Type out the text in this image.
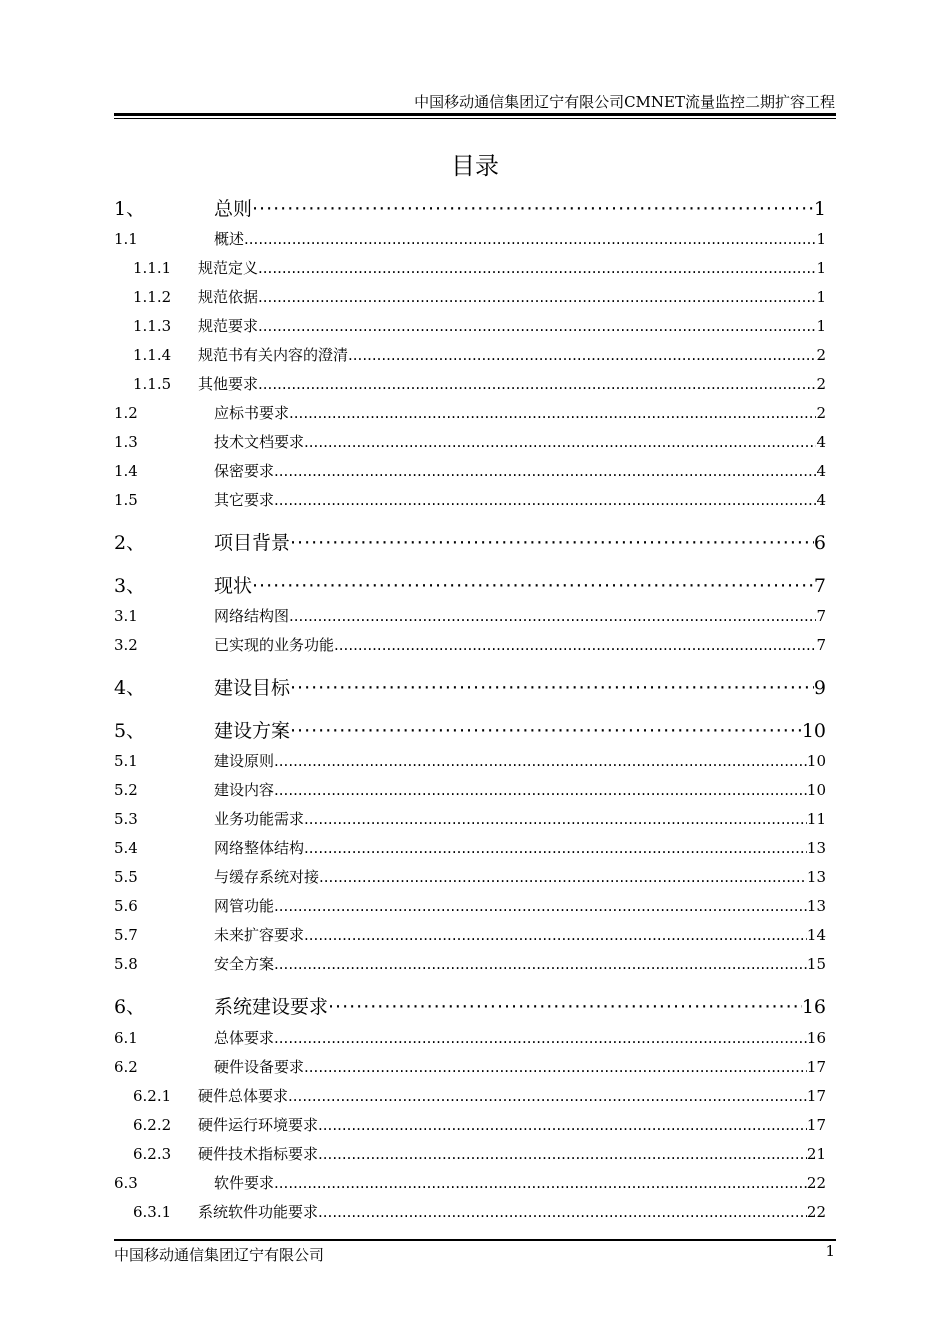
中国移动通信集团辽宁有限公司CMNET流量监控二期扩容工程
目录
1、	总则 ·····	1
1.1	概述 .....	1
1.1.1	规范定义 .....	1
1.1.2	规范依据 .....	1
1.1.3	规范要求 .....	1
1.1.4	规范书有关内容的澄清 .....	2
1.1.5	其他要求 .....	2
1.2	应标书要求 .....	2
1.3	技术文档要求 .....	4
1.4	保密要求 .....	4
1.5	其它要求 .....	4
2、	项目背景 ·····	6
3、	现状 ·····	7
3.1	网络结构图 .....	7
3.2	已实现的业务功能 .....	7
4、	建设目标 ·····	9
5、	建设方案 ·····	10
5.1	建设原则 .....	10
5.2	建设内容 .....	10
5.3	业务功能需求 .....	11
5.4	网络整体结构 .....	13
5.5	与缓存系统对接 .....	13
5.6	网管功能 .....	13
5.7	未来扩容要求 .....	14
5.8	安全方案 .....	15
6、	系统建设要求 ·····	16
6.1	总体要求 .....	16
6.2	硬件设备要求 .....	17
6.2.1	硬件总体要求 .....	17
6.2.2	硬件运行环境要求 .....	17
6.2.3	硬件技术指标要求 .....	21
6.3	软件要求 .....	22
6.3.1	系统软件功能要求 .....	22
中国移动通信集团辽宁有限公司	1
